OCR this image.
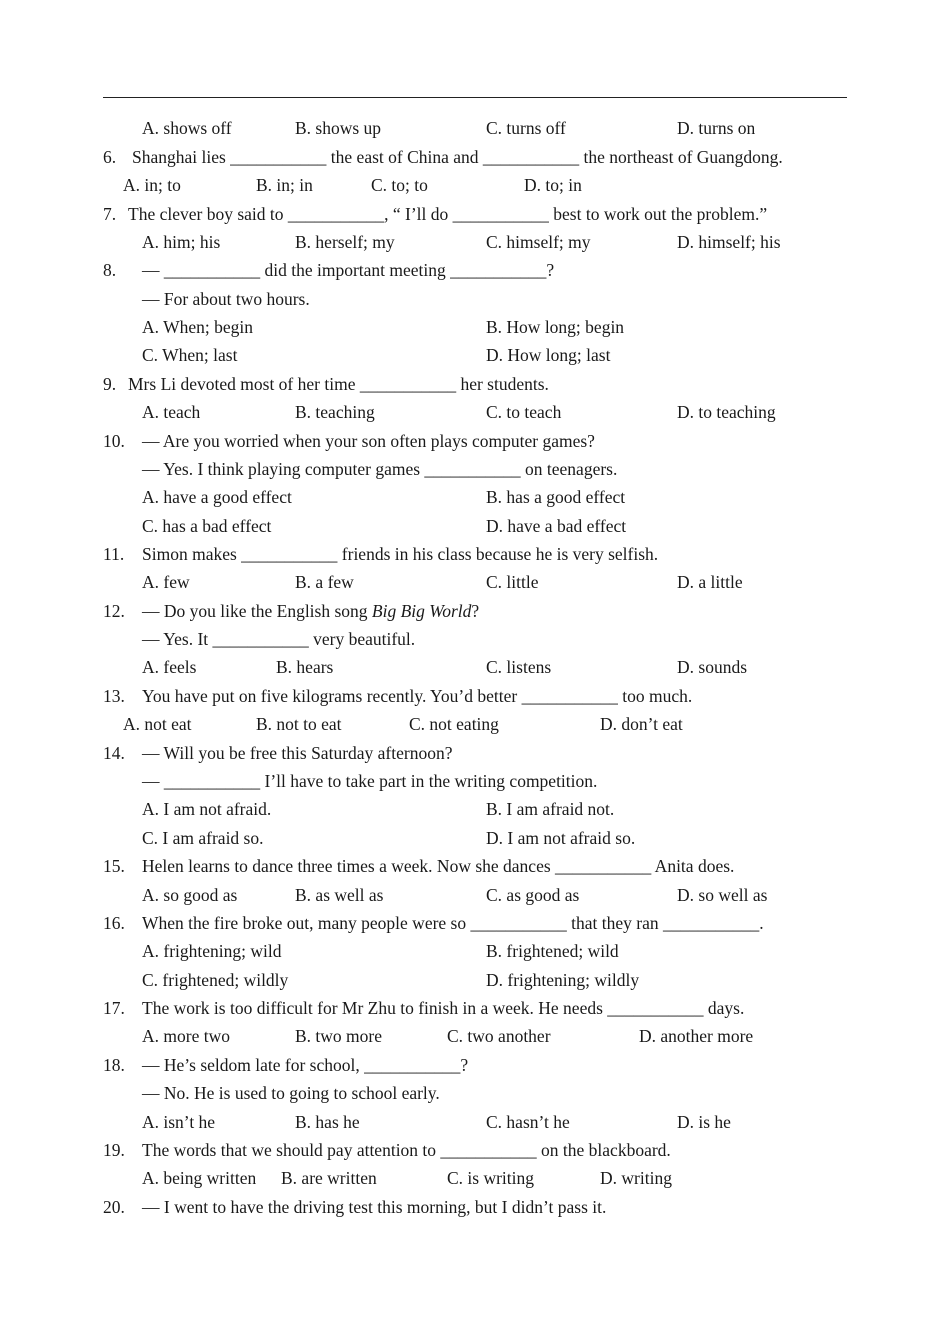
A. shows off	B. shows up	C. turns off	D. turns on
6. Shanghai lies ___________ the east of China and ___________ the northeast of Guangdong.
A. in; to	B. in; in	C. to; to	D. to; in
7. The clever boy said to ___________, “ I’ll do ___________ best to work out the problem.”
A. him; his	B. herself; my	C. himself; my	D. himself; his
8. — ___________ did the important meeting ___________?
— For about two hours.
A. When; begin	B. How long; begin
C. When; last	D. How long; last
9. Mrs Li devoted most of her time ___________ her students.
A. teach	B. teaching	C. to teach	D. to teaching
10. — Are you worried when your son often plays computer games?
— Yes. I think playing computer games ___________ on teenagers.
A. have a good effect	B. has a good effect
C. has a bad effect	D. have a bad effect
11. Simon makes ___________ friends in his class because he is very selfish.
A. few	B. a few	C. little	D. a little
12. — Do you like the English song Big Big World?
— Yes. It ___________ very beautiful.
A. feels	B. hears	C. listens	D. sounds
13. You have put on five kilograms recently. You’d better ___________ too much.
A. not eat	B. not to eat	C. not eating	D. don’t eat
14. — Will you be free this Saturday afternoon?
— ___________ I’ll have to take part in the writing competition.
A. I am not afraid.	B. I am afraid not.
C. I am afraid so.	D. I am not afraid so.
15. Helen learns to dance three times a week. Now she dances ___________ Anita does.
A. so good as	B. as well as	C. as good as	D. so well as
16. When the fire broke out, many people were so ___________ that they ran ___________.
A. frightening; wild	B. frightened; wild
C. frightened; wildly	D. frightening; wildly
17. The work is too difficult for Mr Zhu to finish in a week. He needs ___________ days.
A. more two	B. two more	C. two another	D. another more
18. — He’s seldom late for school, ___________?
— No. He is used to going to school early.
A. isn’t he	B. has he	C. hasn’t he	D. is he
19. The words that we should pay attention to ___________ on the blackboard.
A. being written B. are written	C. is writing	D. writing
20. — I went to have the driving test this morning, but I didn’t pass it.
